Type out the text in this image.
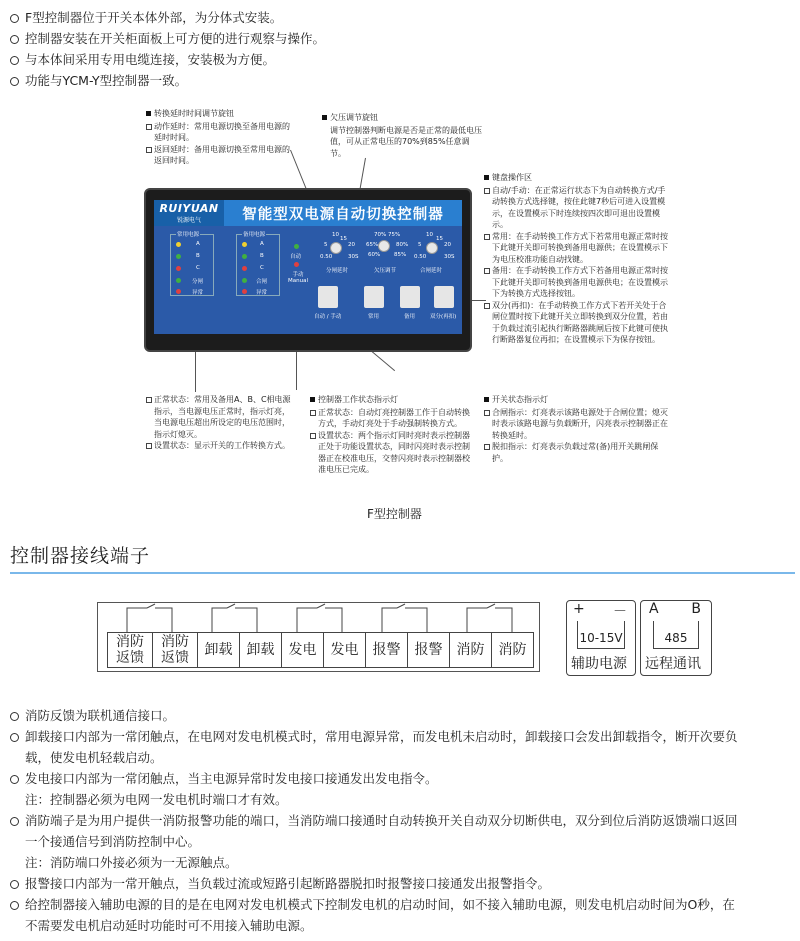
F型控制器位于开关本体外部，为分体式安装。
控制器安装在开关柜面板上可方便的进行观察与操作。
与本体间采用专用电缆连接，安装极为方便。
功能与YCM-Y型控制器一致。
转换延时时间调节旋钮
动作延时：常用电源切换至备用电源的延时时间。
返回延时：备用电源切换至常用电源的返回时间。
欠压调节旋钮
调节控制器判断电源是否是正常的最低电压值，可从正常电压的70%到85%任意调节。
键盘操作区
自动/手动：在正常运行状态下为自动转换方式/手动转换方式选择键，按住此键7秒后可进入设置模示，在设置模示下时连续按四次即可退出设置模示。
常用：在手动转换工作方式下若常用电源正常时按下此键开关即可转换到备用电源供；在设置模示下为电压校准功能自动找键。
备用：在手动转换工作方式下若备用电源正常时按下此键开关即可转换到备用电源供电；在设置模示下为转换方式选择按钮。
双分(再扣)：在手动转换工作方式下若开关处于合闸位置时按下此键开关立即转换到双分位置，若由于负载过流引起执行断路器跳闸后按下此键可使执行断路器复位再扣；在设置模示下为保存按钮。
正常状态：常用及备用A、B、C相电源指示，当电源电压正常时，指示灯亮，当电源电压超出所设定的电压范围时，指示灯熄灭。
设置状态：显示开关的工作转换方式。
控制器工作状态指示灯
正常状态：自动灯亮控制器工作于自动转换方式，手动灯亮处于手动强制转换方式。
设置状态：两个指示灯同时亮时表示控制器正处于功能设置状态，同时闪亮时表示控制器正在校准电压，交替闪亮时表示控制器校准电压已完成。
开关状态指示灯
合闸指示：灯亮表示该路电源处于合闸位置；熄灭时表示该路电源与负载断开，闪亮表示控制器正在转换延时。
脱扣指示：灯亮表示负载过常(备)用开关跳闸保护。
RUIYUAN
锐源电气	智能型双电源自动切换控制器
常用电源
A
B
C
分闸
异常
备用电源
A
B
C
合闸
异常
自动
手动 Manual
10
15
5	20
0.50	30S
分闸延时
70% 75%
65%	80%
60%	85%
欠压调节
10
15
5	20
0.50	30S
合闸延时
自动 / 手动	常用	备用	双分(再扣)
F型控制器
控制器接线端子
消防
返馈
消防
返馈 卸载 卸载 发电 发电 报警 报警 消防 消防
+ －
10-15V
辅助电源
A B
485
远程通讯
消防反馈为联机通信接口。
卸载接口内部为一常闭触点，在电网对发电机模式时，常用电源异常，而发电机未启动时，卸载接口会发出卸载指令，断开次要负
载，使发电机轻载启动。
发电接口内部为一常闭触点，当主电源异常时发电接口接通发出发电指令。
注：控制器必须为电网一发电机时端口才有效。
消防端子是为用户提供一消防报警功能的端口，当消防端口接通时自动转换开关自动双分切断供电，双分到位后消防返馈端口返回
一个接通信号到消防控制中心。
注：消防端口外接必须为一无源触点。
报警接口内部为一常开触点，当负载过流或短路引起断路器脱扣时报警接口接通发出报警指令。
给控制器接入辅助电源的目的是在电网对发电机模式下控制发电机的启动时间，如不接入辅助电源，则发电机启动时间为O秒，在
不需要发电机启动延时功能时可不用接入辅助电源。
